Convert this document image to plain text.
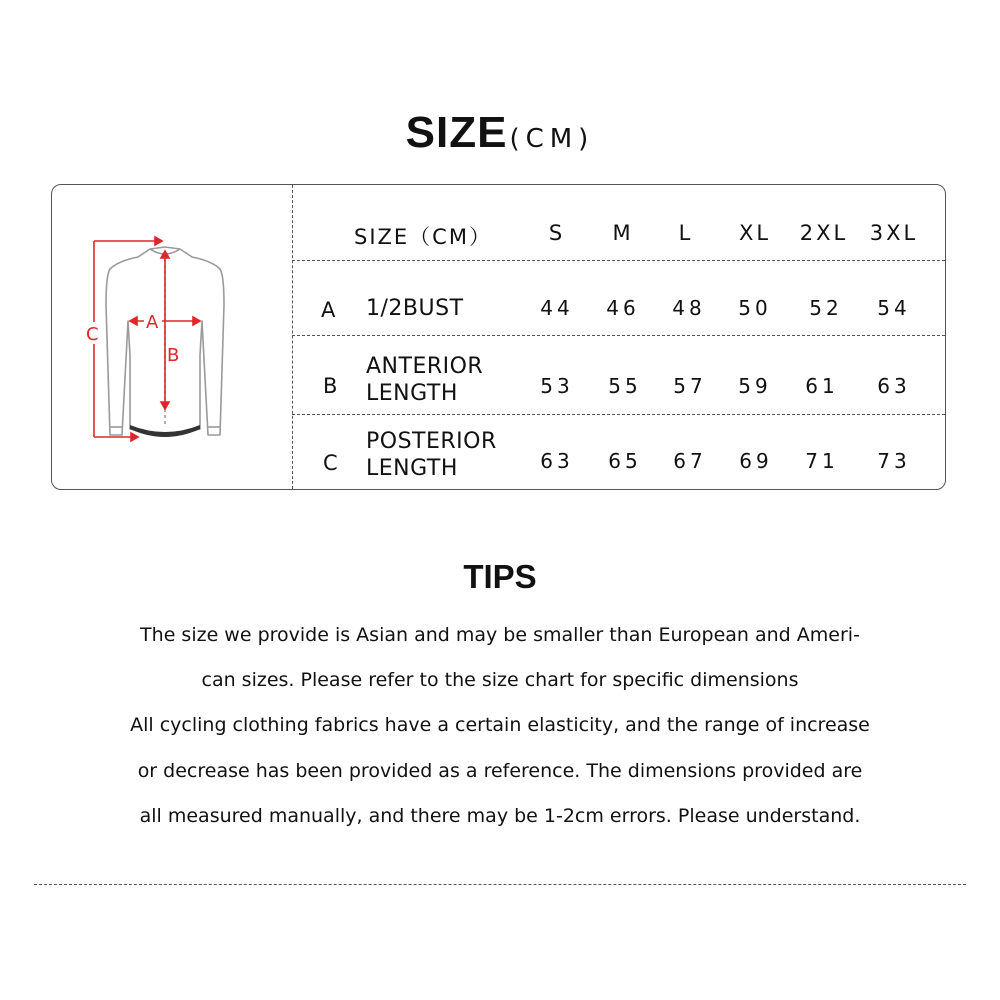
SIZE(CM)
C
A
B
SIZE（CM）	S	M	L	XL	2XL 3XL
A 1/2BUST	44	46	48	50	52	54
B
ANTERIOR
LENGTH	53	55	57	59	61	63
C
POSTERIOR
LENGTH	63	65	67	69	71	73
TIPS
The size we provide is Asian and may be smaller than European and Ameri-
can sizes. Please refer to the size chart for specific dimensions
All cycling clothing fabrics have a certain elasticity, and the range of increase
or decrease has been provided as a reference. The dimensions provided are
all measured manually, and there may be 1-2cm errors. Please understand.
